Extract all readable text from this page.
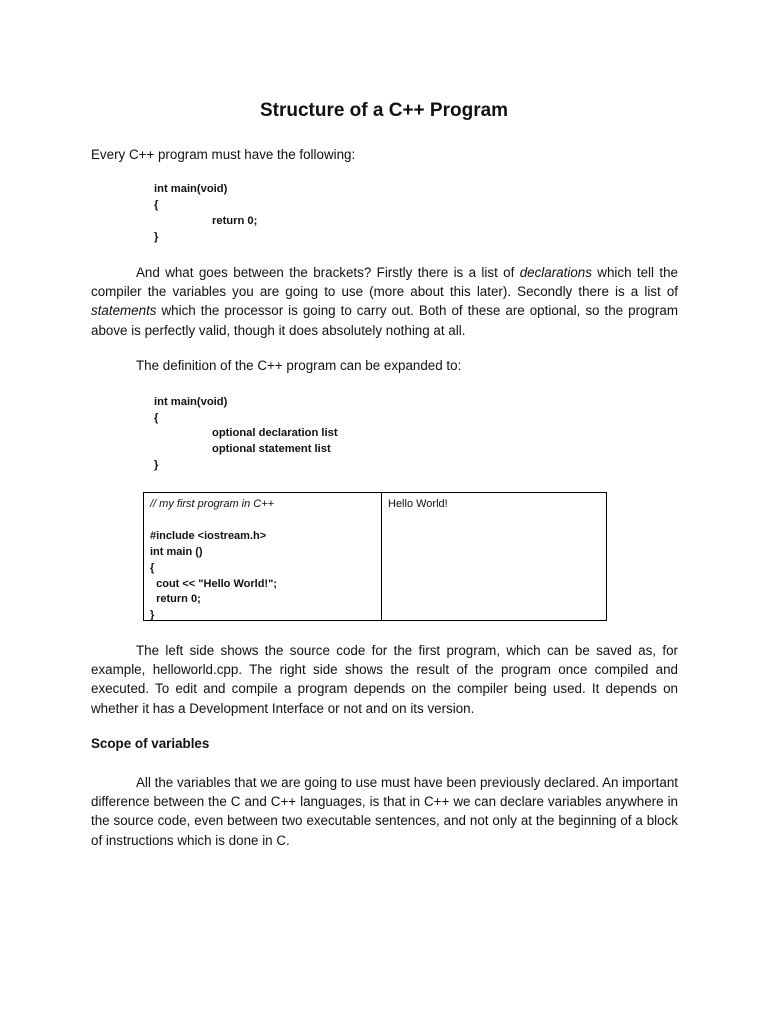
Structure of a C++ Program
Every C++ program must have the following:
int main(void)
{
return 0;
}

And what goes between the brackets? Firstly there is a list of declarations which tell the compiler the variables you are going to use (more about this later). Secondly there is a list of statements which the processor is going to carry out. Both of these are optional, so the program above is perfectly valid, though it does absolutely nothing at all.

The definition of the C++ program can be expanded to:
int main(void)
{
optional declaration list
optional statement list
}
// my first program in C++
#include <iostream.h>
int main ()
{
cout << "Hello World!";
return 0;
}
Hello World!

The left side shows the source code for the first program, which can be saved as, for example, helloworld.cpp. The right side shows the result of the program once compiled and executed. To edit and compile a program depends on the compiler being used. It depends on whether it has a Development Interface or not and on its version.

Scope of variables

All the variables that we are going to use must have been previously declared. An important difference between the C and C++ languages, is that in C++ we can declare variables anywhere in the source code, even between two executable sentences, and not only at the beginning of a block of instructions which is done in C.
